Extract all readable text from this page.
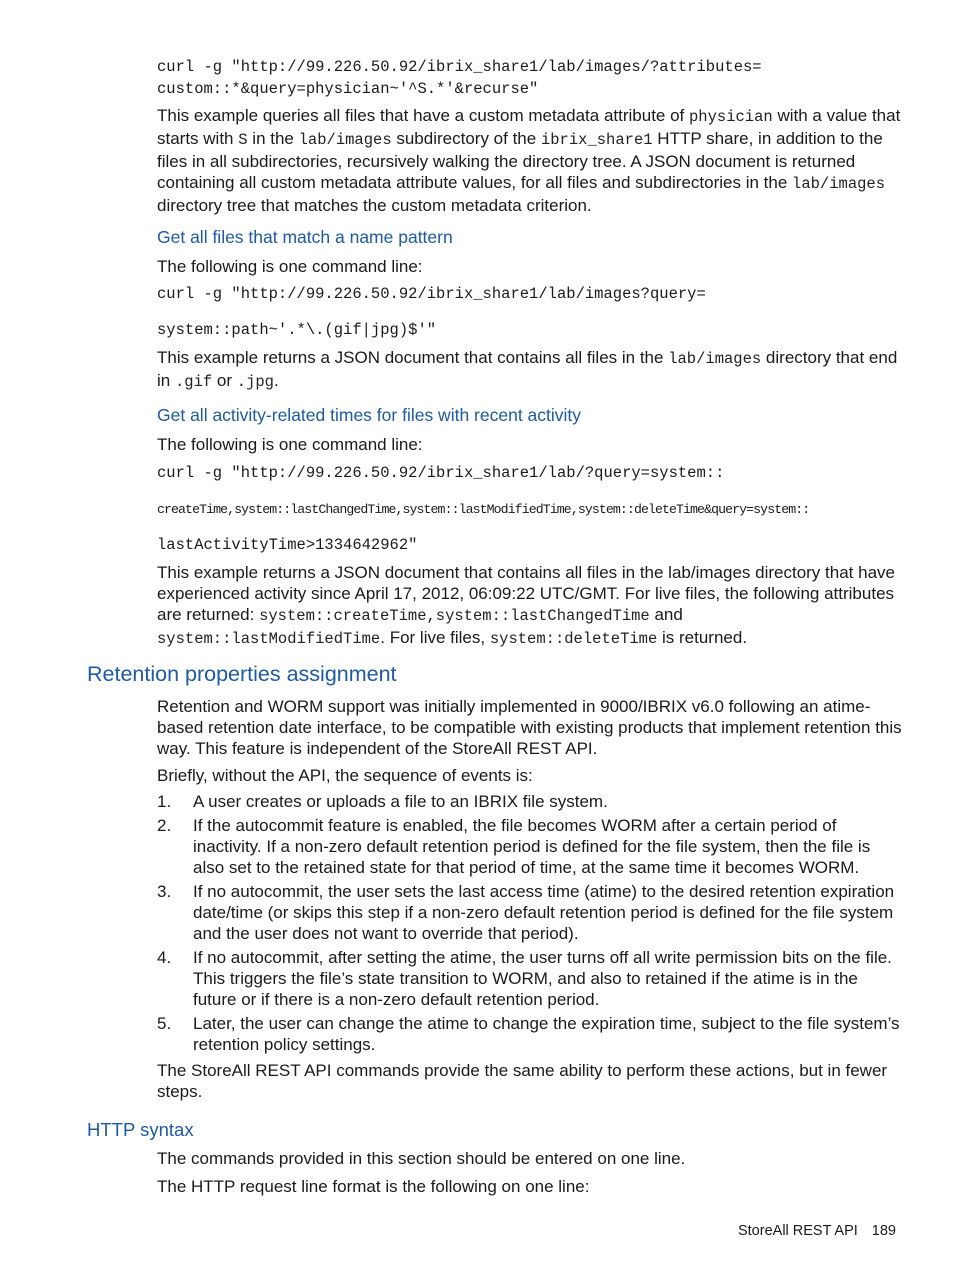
curl -g "http://99.226.50.92/ibrix_share1/lab/images/?attributes=
custom::*&query=physician~'^S.*'&recurse"

This example queries all files that have a custom metadata attribute of physician with a value that starts with S in the lab/images subdirectory of the ibrix_share1 HTTP share, in addition to the files in all subdirectories, recursively walking the directory tree. A JSON document is returned containing all custom metadata attribute values, for all files and subdirectories in the lab/images directory tree that matches the custom metadata criterion.

Get all files that match a name pattern

The following is one command line:

curl -g "http://99.226.50.92/ibrix_share1/lab/images?query=
system::path~'.*\.(gif|jpg)$'"

This example returns a JSON document that contains all files in the lab/images directory that end in .gif or .jpg.

Get all activity-related times for files with recent activity

The following is one command line:

curl -g "http://99.226.50.92/ibrix_share1/lab/?query=system::
createTime,system::lastChangedTime,system::lastModifiedTime,system::deleteTime&query=system::
lastActivityTime>1334642962"

This example returns a JSON document that contains all files in the lab/images directory that have experienced activity since April 17, 2012, 06:09:22 UTC/GMT. For live files, the following attributes are returned: system::createTime,system::lastChangedTime and system::lastModifiedTime. For live files, system::deleteTime is returned.

Retention properties assignment

Retention and WORM support was initially implemented in 9000/IBRIX v6.0 following an atime-based retention date interface, to be compatible with existing products that implement retention this way. This feature is independent of the StoreAll REST API.

Briefly, without the API, the sequence of events is:

1. A user creates or uploads a file to an IBRIX file system.
2. If the autocommit feature is enabled, the file becomes WORM after a certain period of inactivity. If a non-zero default retention period is defined for the file system, then the file is also set to the retained state for that period of time, at the same time it becomes WORM.
3. If no autocommit, the user sets the last access time (atime) to the desired retention expiration date/time (or skips this step if a non-zero default retention period is defined for the file system and the user does not want to override that period).
4. If no autocommit, after setting the atime, the user turns off all write permission bits on the file. This triggers the file’s state transition to WORM, and also to retained if the atime is in the future or if there is a non-zero default retention period.
5. Later, the user can change the atime to change the expiration time, subject to the file system’s retention policy settings.

The StoreAll REST API commands provide the same ability to perform these actions, but in fewer steps.

HTTP syntax

The commands provided in this section should be entered on one line.

The HTTP request line format is the following on one line:

StoreAll REST API 189
